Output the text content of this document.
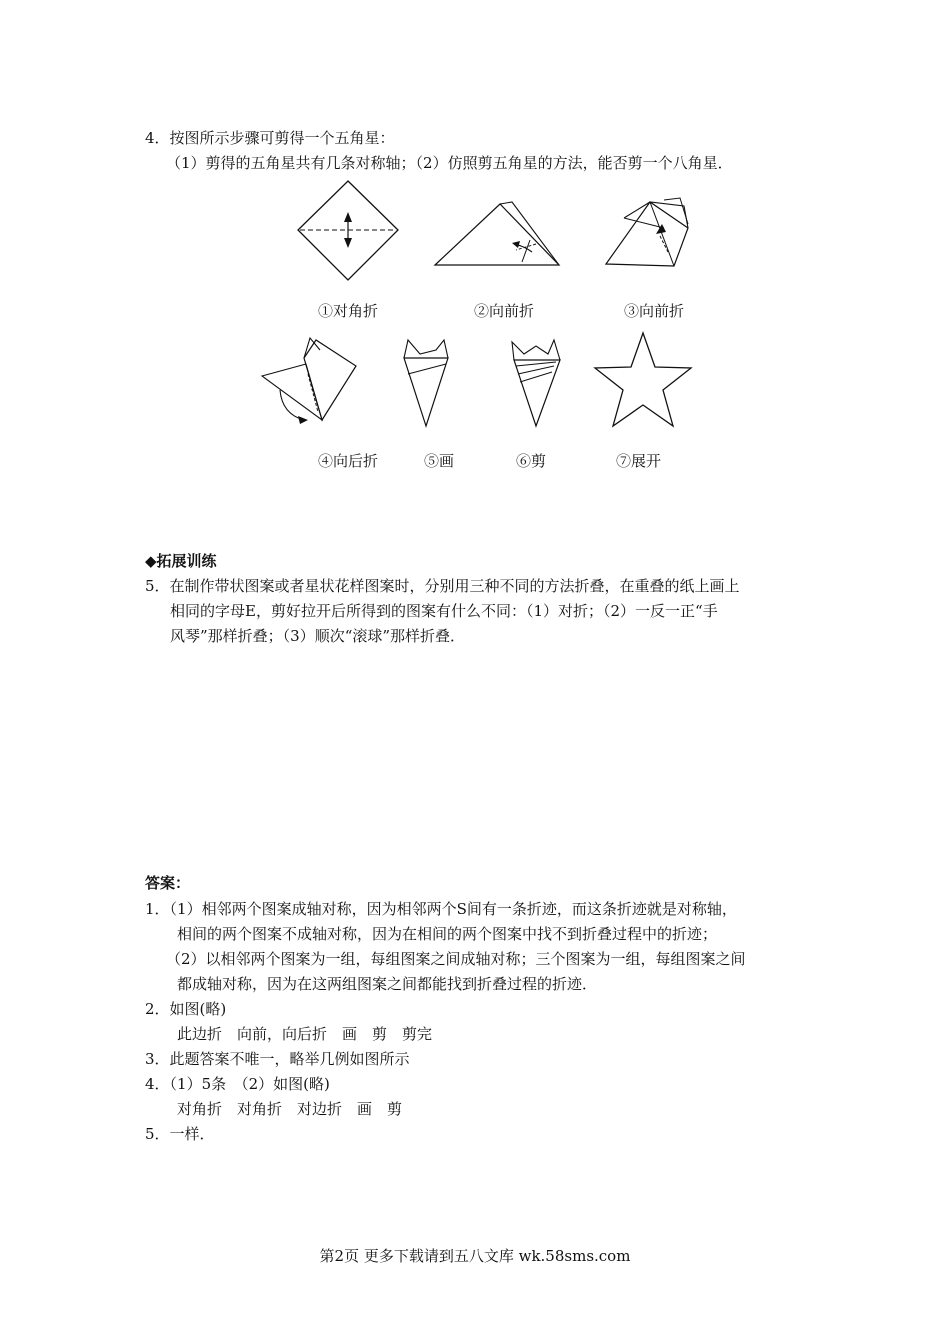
4．按图所示步骤可剪得一个五角星：
（1）剪得的五角星共有几条对称轴；（2）仿照剪五角星的方法，能否剪一个八角星．
①对角折	②向前折	③向前折
④向后折	⑤画	⑥剪	⑦展开
◆拓展训练
5．在制作带状图案或者星状花样图案时，分别用三种不同的方法折叠，在重叠的纸上画上
相同的字母E，剪好拉开后所得到的图案有什么不同：（1）对折；（2）一反一正“手
风琴”那样折叠；（3）顺次“滚球”那样折叠．
答案：
1．（1）相邻两个图案成轴对称，因为相邻两个S间有一条折迹，而这条折迹就是对称轴，
相间的两个图案不成轴对称，因为在相间的两个图案中找不到折叠过程中的折迹；
（2）以相邻两个图案为一组，每组图案之间成轴对称；三个图案为一组，每组图案之间
都成轴对称，因为在这两组图案之间都能找到折叠过程的折迹．
2．如图(略)
此边折　向前，向后折　画　剪　剪完
3．此题答案不唯一，略举几例如图所示
4．（1）5条　（2）如图(略)
对角折　对角折　对边折　画　剪
5．一样．
第2页 更多下载请到五八文库 wk.58sms.com
